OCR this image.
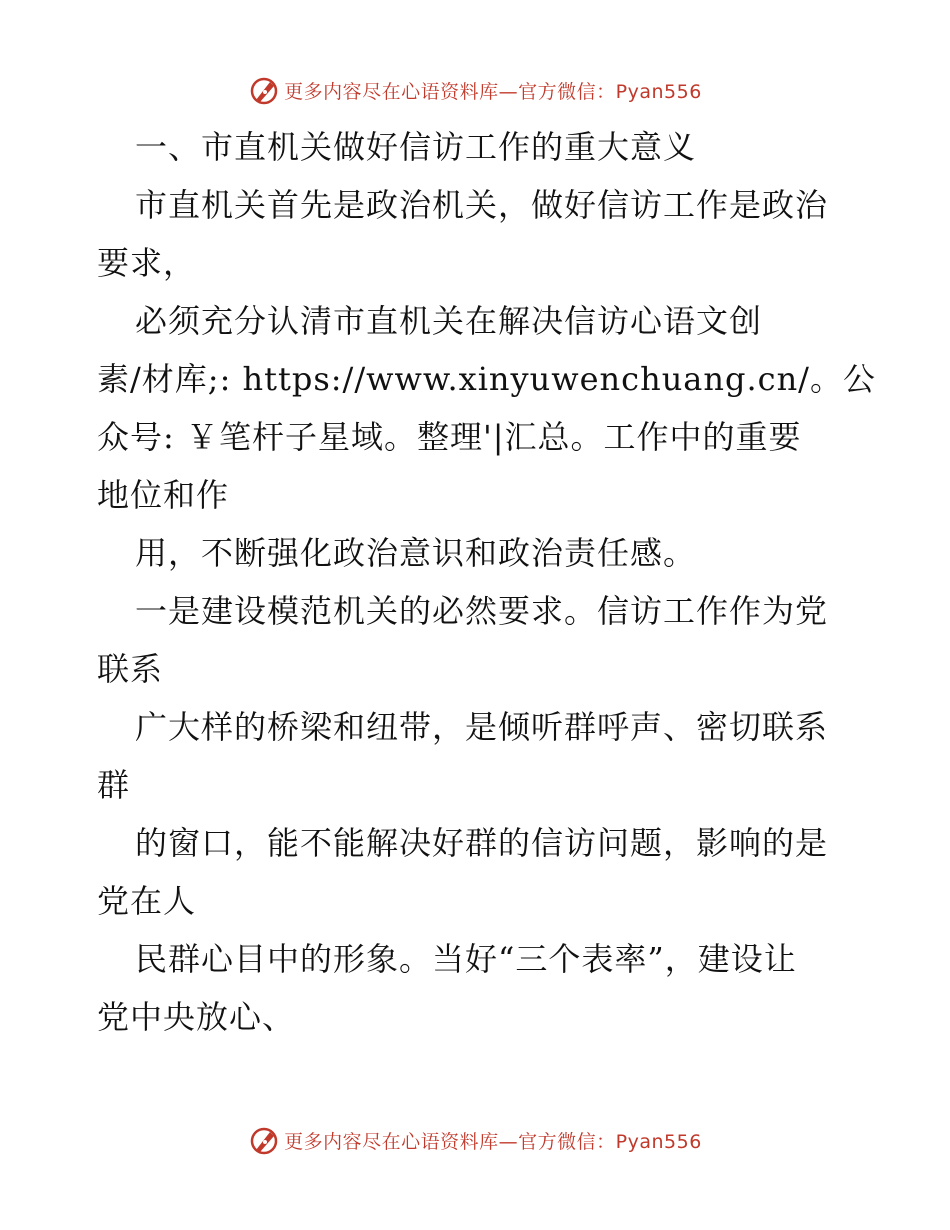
更多内容尽在心语资料库—官方微信：Pyan556
一、市直机关做好信访工作的重大意义
市直机关首先是政治机关，做好信访工作是政治
要求，
必须充分认清市直机关在解决信访心语文创
素/材库;: https://www.xinyuwenchuang.cn/。公
众号: ￥笔杆子星域。整理'|汇总。工作中的重要
地位和作
用，不断强化政治意识和政治责任感。
一是建设模范机关的必然要求。信访工作作为党
联系
广大样的桥梁和纽带，是倾听群呼声、密切联系
群
的窗口，能不能解决好群的信访问题，影响的是
党在人
民群心目中的形象。当好“三个表率”，建设让
党中央放心、
更多内容尽在心语资料库—官方微信：Pyan556
